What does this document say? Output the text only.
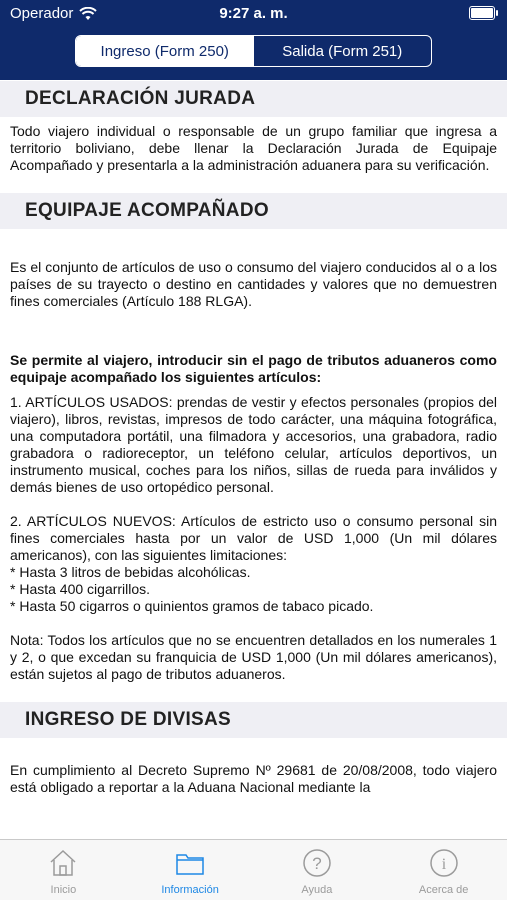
Operador	9:27 a. m.
Ingreso (Form 250)	Salida (Form 251)
DECLARACIÓN JURADA

Todo viajero individual o responsable de un grupo familiar que ingresa a territorio boliviano, debe llenar la Declaración Jurada de Equipaje Acompañado y presentarla a la administración aduanera para su verificación.

EQUIPAJE ACOMPAÑADO

Es el conjunto de artículos de uso o consumo del viajero conducidos al o a los países de su trayecto o destino en cantidades y valores que no demuestren fines comerciales (Artículo 188 RLGA).

Se permite al viajero, introducir sin el pago de tributos aduaneros como equipaje acompañado los siguientes artículos:

1. ARTÍCULOS USADOS: prendas de vestir y efectos personales (propios del viajero), libros, revistas, impresos de todo carácter, una máquina fotográfica, una computadora portátil, una filmadora y accesorios, una grabadora, radio grabadora o radioreceptor, un teléfono celular, artículos deportivos, un instrumento musical, coches para los niños, sillas de rueda para inválidos y demás bienes de uso ortopédico personal.

2. ARTÍCULOS NUEVOS: Artículos de estricto uso o consumo personal sin fines comerciales hasta por un valor de USD 1,000 (Un mil dólares americanos), con las siguientes limitaciones:

* Hasta 3 litros de bebidas alcohólicas.

* Hasta 400 cigarrillos.

* Hasta 50 cigarros o quinientos gramos de tabaco picado.

Nota: Todos los artículos que no se encuentren detallados en los numerales 1 y 2, o que excedan su franquicia de USD 1,000 (Un mil dólares americanos), están sujetos al pago de tributos aduaneros.

INGRESO DE DIVISAS

En cumplimiento al Decreto Supremo Nº 29681 de 20/08/2008, todo viajero está obligado a reportar a la Aduana Nacional mediante la

Inicio	Información
?
Ayuda
i
Acerca de
